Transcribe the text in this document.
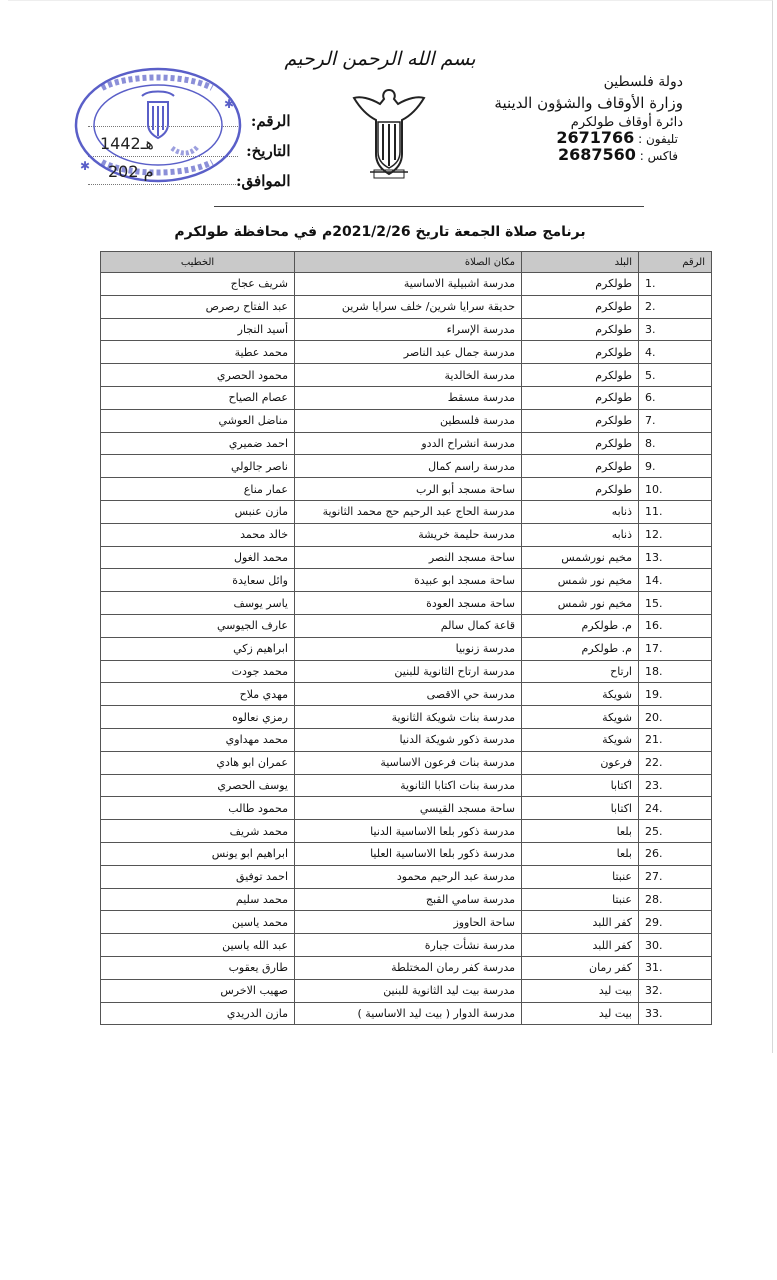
بسم الله الرحمن الرحيم
دولة فلسطين
وزارة الأوقاف والشؤون الدينية
دائرة أوقاف طولكرم
تليفون : 2671766
فاكس : 2687560
الرقم:
التاريخ:
الموافق:
✱
✱
1442هـ
202 م
برنامج صلاة الجمعة تاريخ 2021/2/26م في محافظة طولكرم
الرقم	البلد	مكان الصلاة	الخطيب
1.	طولكرم	مدرسة اشبيلية الاساسية	شريف عجاج
2.	طولكرم	حديقة سرايا شرين/ خلف سرايا شرين	عبد الفتاح رصرص
3.	طولكرم	مدرسة الإسراء	أسيد النجار
4.	طولكرم	مدرسة جمال عبد الناصر	محمد عطية
5.	طولكرم	مدرسة الخالدية	محمود الحصري
6.	طولكرم	مدرسة مسقط	عصام الصياح
7.	طولكرم	مدرسة فلسطين	مناضل العوشي
8.	طولكرم	مدرسة انشراح الددو	احمد ضميري
9.	طولكرم	مدرسة راسم كمال	ناصر جالولي
10.	طولكرم	ساحة مسجد أبو الرب	عمار مناع
11.	ذنابه	مدرسة الحاج عبد الرحيم حج محمد الثانوية	مازن عنبس
12.	ذنابه	مدرسة حليمة خريشة	خالد محمد
13.	مخيم نورشمس	ساحة مسجد النصر	محمد الغول
14.	مخيم نور شمس	ساحة مسجد ابو عبيدة	وائل سعايدة
15.	مخيم نور شمس	ساحة مسجد العودة	ياسر يوسف
16.	م. طولكرم	قاعة كمال سالم	عارف الجيوسي
17.	م. طولكرم	مدرسة زنوبيا	ابراهيم زكي
18.	ارتاح	مدرسة ارتاح الثانوية للبنين	محمد جودت
19.	شويكة	مدرسة حي الاقصى	مهدي ملاح
20.	شويكة	مدرسة بنات شويكة الثانوية	رمزي نعالوه
21.	شويكة	مدرسة ذكور شويكة الدنيا	محمد مهداوي
22.	فرعون	مدرسة بنات فرعون الاساسية	عمران ابو هادي
23.	اكتابا	مدرسة بنات اكتابا الثانوية	يوسف الحصري
24.	اكتابا	ساحة مسجد القيسي	محمود طالب
25.	بلعا	مدرسة ذكور بلعا الاساسية الدنيا	محمد شريف
26.	بلعا	مدرسة ذكور بلعا الاساسية العليا	ابراهيم ابو يونس
27.	عنبتا	مدرسة عبد الرحيم محمود	احمد توفيق
28.	عنبتا	مدرسة سامي القبج	محمد سليم
29.	كفر اللبد	ساحة الحاووز	محمد ياسين
30.	كفر اللبد	مدرسة نشأت جبارة	عبد الله ياسين
31.	كفر رمان	مدرسة كفر رمان المختلطة	طارق يعقوب
32.	بيت ليد	مدرسة بيت ليد الثانوية للبنين	صهيب الاخرس
33.	بيت ليد	مدرسة الدوار ( بيت ليد الاساسية )	مازن الدريدي
